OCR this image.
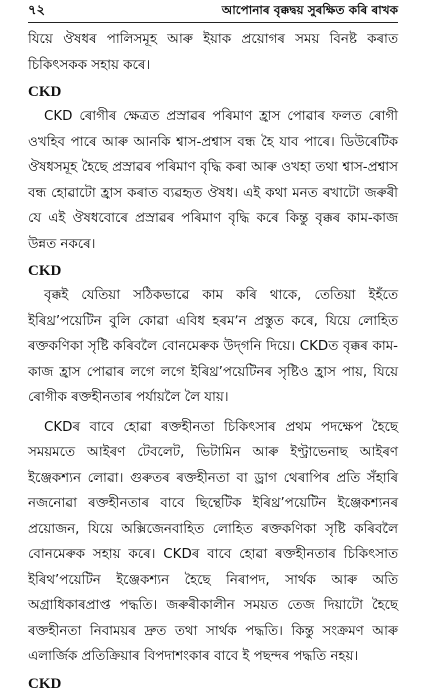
৭২	আপোনাৰ বৃক্কদ্বয় সুৰক্ষিত কৰি ৰাখক

যিয়ে ঔষধৰ পালিসমূহ আৰু ইয়াক প্ৰয়োগৰ সময় বিনষ্ট কৰাত চিকিৎসকক সহায় কৰে।

CKD

CKD ৰোগীৰ ক্ষেত্ৰত প্ৰস্ৰাৱৰ পৰিমাণ হ্ৰাস পোৱাৰ ফলত ৰোগী ওখহিব পাৰে আৰু আনকি শ্বাস-প্ৰশ্বাস বন্ধ হৈ যাব পাৰে। ডিউৰেটিক ঔষধসমূহ হৈছে প্ৰস্ৰাৱৰ পৰিমাণ বৃদ্ধি কৰা আৰু ওখহা তথা শ্বাস-প্ৰশ্বাস বন্ধ হোৱাটো হ্ৰাস কৰাত ব্যৱহৃত ঔষধ। এই কথা মনত ৰখাটো জৰুৰী যে এই ঔষধবোৰে প্ৰস্ৰাৱৰ পৰিমাণ বৃদ্ধি কৰে কিন্তু বৃক্কৰ কাম-কাজ উন্নত নকৰে।

CKD

বৃক্কই যেতিয়া সঠিকভাৱে কাম কৰি থাকে, তেতিয়া ইহঁতে ইৰিথ্ৰ’পয়েটিন বুলি কোৱা এবিধ হৰমʼন প্ৰস্তুত কৰে, যিয়ে লোহিত ৰক্তকণিকা সৃষ্টি কৰিবলৈ বোনমেৰুক উদ্‌গনি দিয়ে। CKDত বৃক্কৰ কাম-কাজ হ্ৰাস পোৱাৰ লগে লগে ইৰিথ্ৰ’পয়েটিনৰ সৃষ্টিও হ্ৰাস পায়, যিয়ে ৰোগীক ৰক্তহীনতাৰ পৰ্যায়লৈ লৈ যায়।

CKDৰ বাবে হোৱা ৰক্তহীনতা চিকিৎসাৰ প্ৰথম পদক্ষেপ হৈছে সময়মতে আইৰণ টেবলেট, ভিটামিন আৰু ইণ্ট্ৰাভেনাছ আইৰণ ইঞ্জেকশ্যন লোৱা। গুৰুতৰ ৰক্তহীনতা বা ড্ৰাগ থেৰাপিৰ প্ৰতি সঁহাৰি নজনোৱা ৰক্তহীনতাৰ বাবে ছিন্থেটিক ইৰিথ্ৰ’পয়েটিন ইঞ্জেকশ্যনৰ প্ৰয়োজন, যিয়ে অক্সিজেনবাহিত লোহিত ৰক্তকণিকা সৃষ্টি কৰিবলৈ বোনমেৰুক সহায় কৰে। CKDৰ বাবে হোৱা ৰক্তহীনতাৰ চিকিৎসাত ইৰিথ’পয়েটিন ইঞ্জেকশ্যন হৈছে নিৰাপদ, সাৰ্থক আৰু অতি অগ্ৰাধিকাৰপ্ৰাপ্ত পদ্ধতি। জৰুৰীকালীন সময়ত তেজ দিয়াটো হৈছে ৰক্তহীনতা নিবাময়ৰ দ্ৰুত তথা সাৰ্থক পদ্ধতি। কিন্তু সংক্ৰমণ আৰু এলাৰ্জিক প্ৰতিক্ৰিয়াৰ বিপদাশংকাৰ বাবে ই পছন্দৰ পদ্ধতি নহয়।

CKD
